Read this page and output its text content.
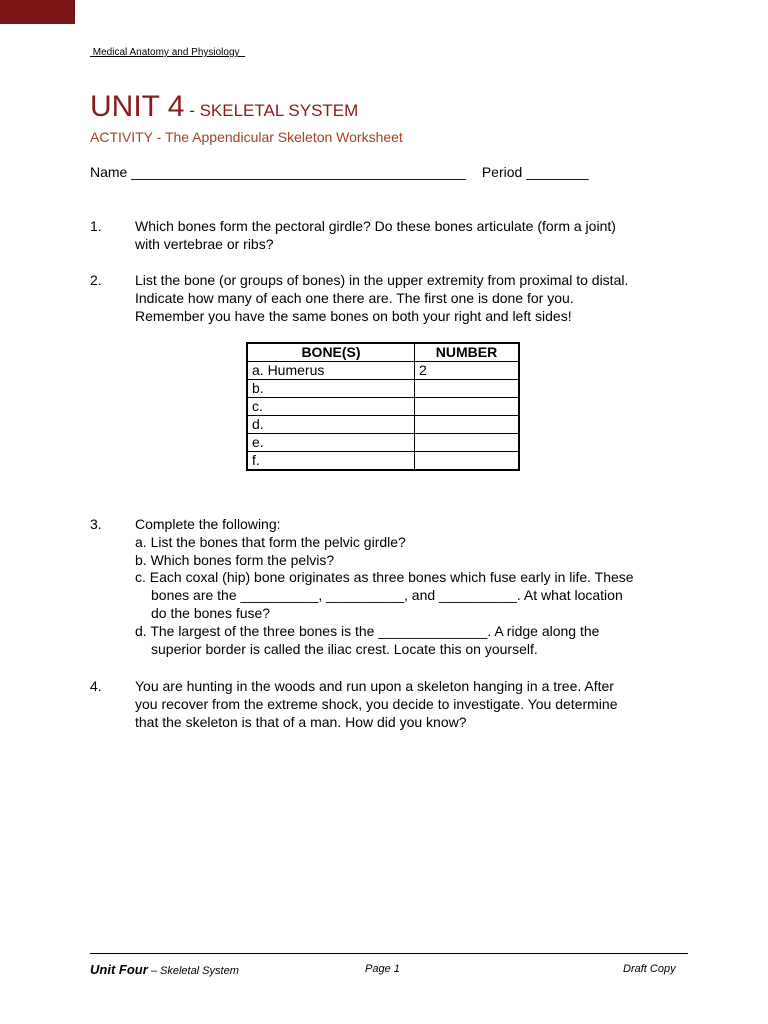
Medical Anatomy and Physiology
UNIT 4 - SKELETAL SYSTEM
ACTIVITY - The Appendicular Skeleton Worksheet
Name ___________________________________________ Period ________
1. Which bones form the pectoral girdle? Do these bones articulate (form a joint)
with vertebrae or ribs?
2. List the bone (or groups of bones) in the upper extremity from proximal to distal.
Indicate how many of each one there are. The first one is done for you.
Remember you have the same bones on both your right and left sides!
BONE(S)	NUMBER
a. Humerus	2
b.	
c.	
d.	
e.	
f.	
3. Complete the following:
a. List the bones that form the pelvic girdle?
b. Which bones form the pelvis?
c. Each coxal (hip) bone originates as three bones which fuse early in life. These
bones are the __________, __________, and __________. At what location
do the bones fuse?
d. The largest of the three bones is the ______________. A ridge along the
superior border is called the iliac crest. Locate this on yourself.
4. You are hunting in the woods and run upon a skeleton hanging in a tree. After
you recover from the extreme shock, you decide to investigate. You determine
that the skeleton is that of a man. How did you know?
Unit Four – Skeletal System	Page 1	Draft Copy
